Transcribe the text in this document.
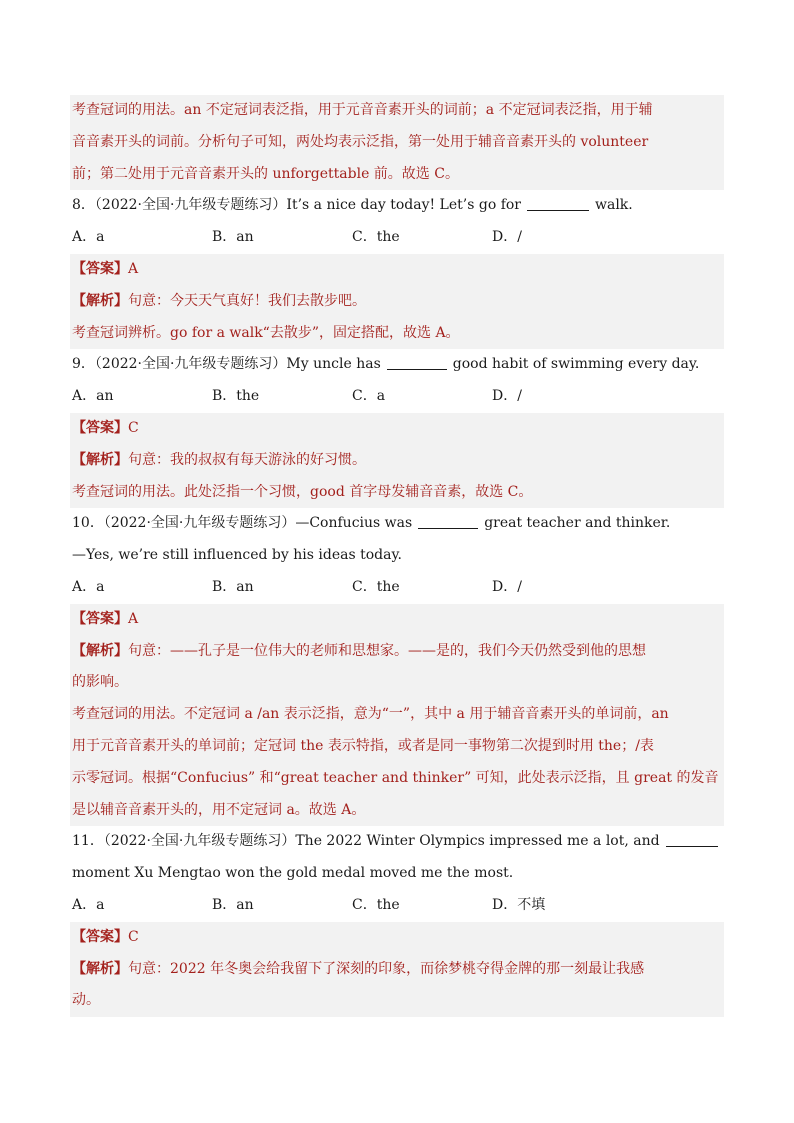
考查冠词的用法。an 不定冠词表泛指，用于元音音素开头的词前；a 不定冠词表泛指，用于辅
音音素开头的词前。分析句子可知，两处均表示泛指，第一处用于辅音音素开头的 volunteer
前；第二处用于元音音素开头的 unforgettable 前。故选 C。
8．（2022·全国·九年级专题练习）It’s a nice day today! Let’s go for	walk.
A．a	B．an	C．the	D．/
【答案】A
【解析】句意：今天天气真好！我们去散步吧。
考查冠词辨析。go for a walk“去散步”，固定搭配，故选 A。
9．（2022·全国·九年级专题练习）My uncle has	good habit of swimming every day.
A．an	B．the	C．a	D．/
【答案】C
【解析】句意：我的叔叔有每天游泳的好习惯。
考查冠词的用法。此处泛指一个习惯，good 首字母发辅音音素，故选 C。
10．（2022·全国·九年级专题练习）—Confucius was	great teacher and thinker.
—Yes, we’re still influenced by his ideas today.
A．a	B．an	C．the	D．/
【答案】A
【解析】句意：——孔子是一位伟大的老师和思想家。——是的，我们今天仍然受到他的思想
的影响。
考查冠词的用法。不定冠词 a /an 表示泛指，意为“一”，其中 a 用于辅音音素开头的单词前，an
用于元音音素开头的单词前；定冠词 the 表示特指，或者是同一事物第二次提到时用 the；/表
示零冠词。根据“Confucius” 和“great teacher and thinker” 可知，此处表示泛指，且 great 的发音
是以辅音音素开头的，用不定冠词 a。故选 A。
11．（2022·全国·九年级专题练习）The 2022 Winter Olympics impressed me a lot, and
moment Xu Mengtao won the gold medal moved me the most.
A．a	B．an	C．the	D．不填
【答案】C
【解析】句意：2022 年冬奥会给我留下了深刻的印象，而徐梦桃夺得金牌的那一刻最让我感
动。
